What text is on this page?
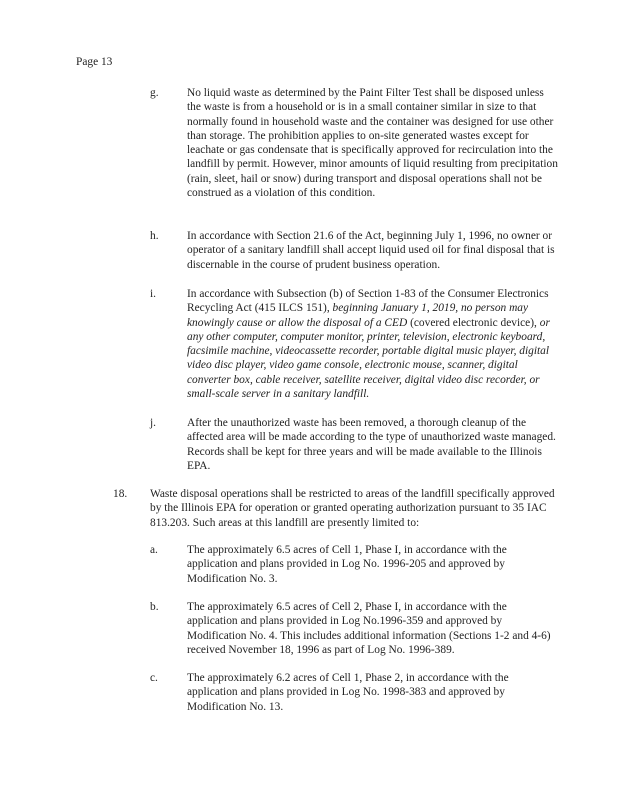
Page 13
g. No liquid waste as determined by the Paint Filter Test shall be disposed unless the waste is from a household or is in a small container similar in size to that normally found in household waste and the container was designed for use other than storage. The prohibition applies to on-site generated wastes except for leachate or gas condensate that is specifically approved for recirculation into the landfill by permit. However, minor amounts of liquid resulting from precipitation (rain, sleet, hail or snow) during transport and disposal operations shall not be construed as a violation of this condition.
h. In accordance with Section 21.6 of the Act, beginning July 1, 1996, no owner or operator of a sanitary landfill shall accept liquid used oil for final disposal that is discernable in the course of prudent business operation.
i.	In accordance with Subsection (b) of Section 1-83 of the Consumer Electronics Recycling Act (415 ILCS 151), beginning January 1, 2019, no person may knowingly cause or allow the disposal of a CED (covered electronic device), or any other computer, computer monitor, printer, television, electronic keyboard, facsimile machine, videocassette recorder, portable digital music player, digital video disc player, video game console, electronic mouse, scanner, digital converter box, cable receiver, satellite receiver, digital video disc recorder, or small-scale server in a sanitary landfill.
j.	After the unauthorized waste has been removed, a thorough cleanup of the affected area will be made according to the type of unauthorized waste managed. Records shall be kept for three years and will be made available to the Illinois EPA.
18. Waste disposal operations shall be restricted to areas of the landfill specifically approved by the Illinois EPA for operation or granted operating authorization pursuant to 35 IAC 813.203. Such areas at this landfill are presently limited to:
a.	The approximately 6.5 acres of Cell 1, Phase I, in accordance with the application and plans provided in Log No. 1996-205 and approved by Modification No. 3.
b. The approximately 6.5 acres of Cell 2, Phase I, in accordance with the application and plans provided in Log No.1996-359 and approved by Modification No. 4. This includes additional information (Sections 1-2 and 4-6) received November 18, 1996 as part of Log No. 1996-389.
c.	The approximately 6.2 acres of Cell 1, Phase 2, in accordance with the application and plans provided in Log No. 1998-383 and approved by Modification No. 13.
